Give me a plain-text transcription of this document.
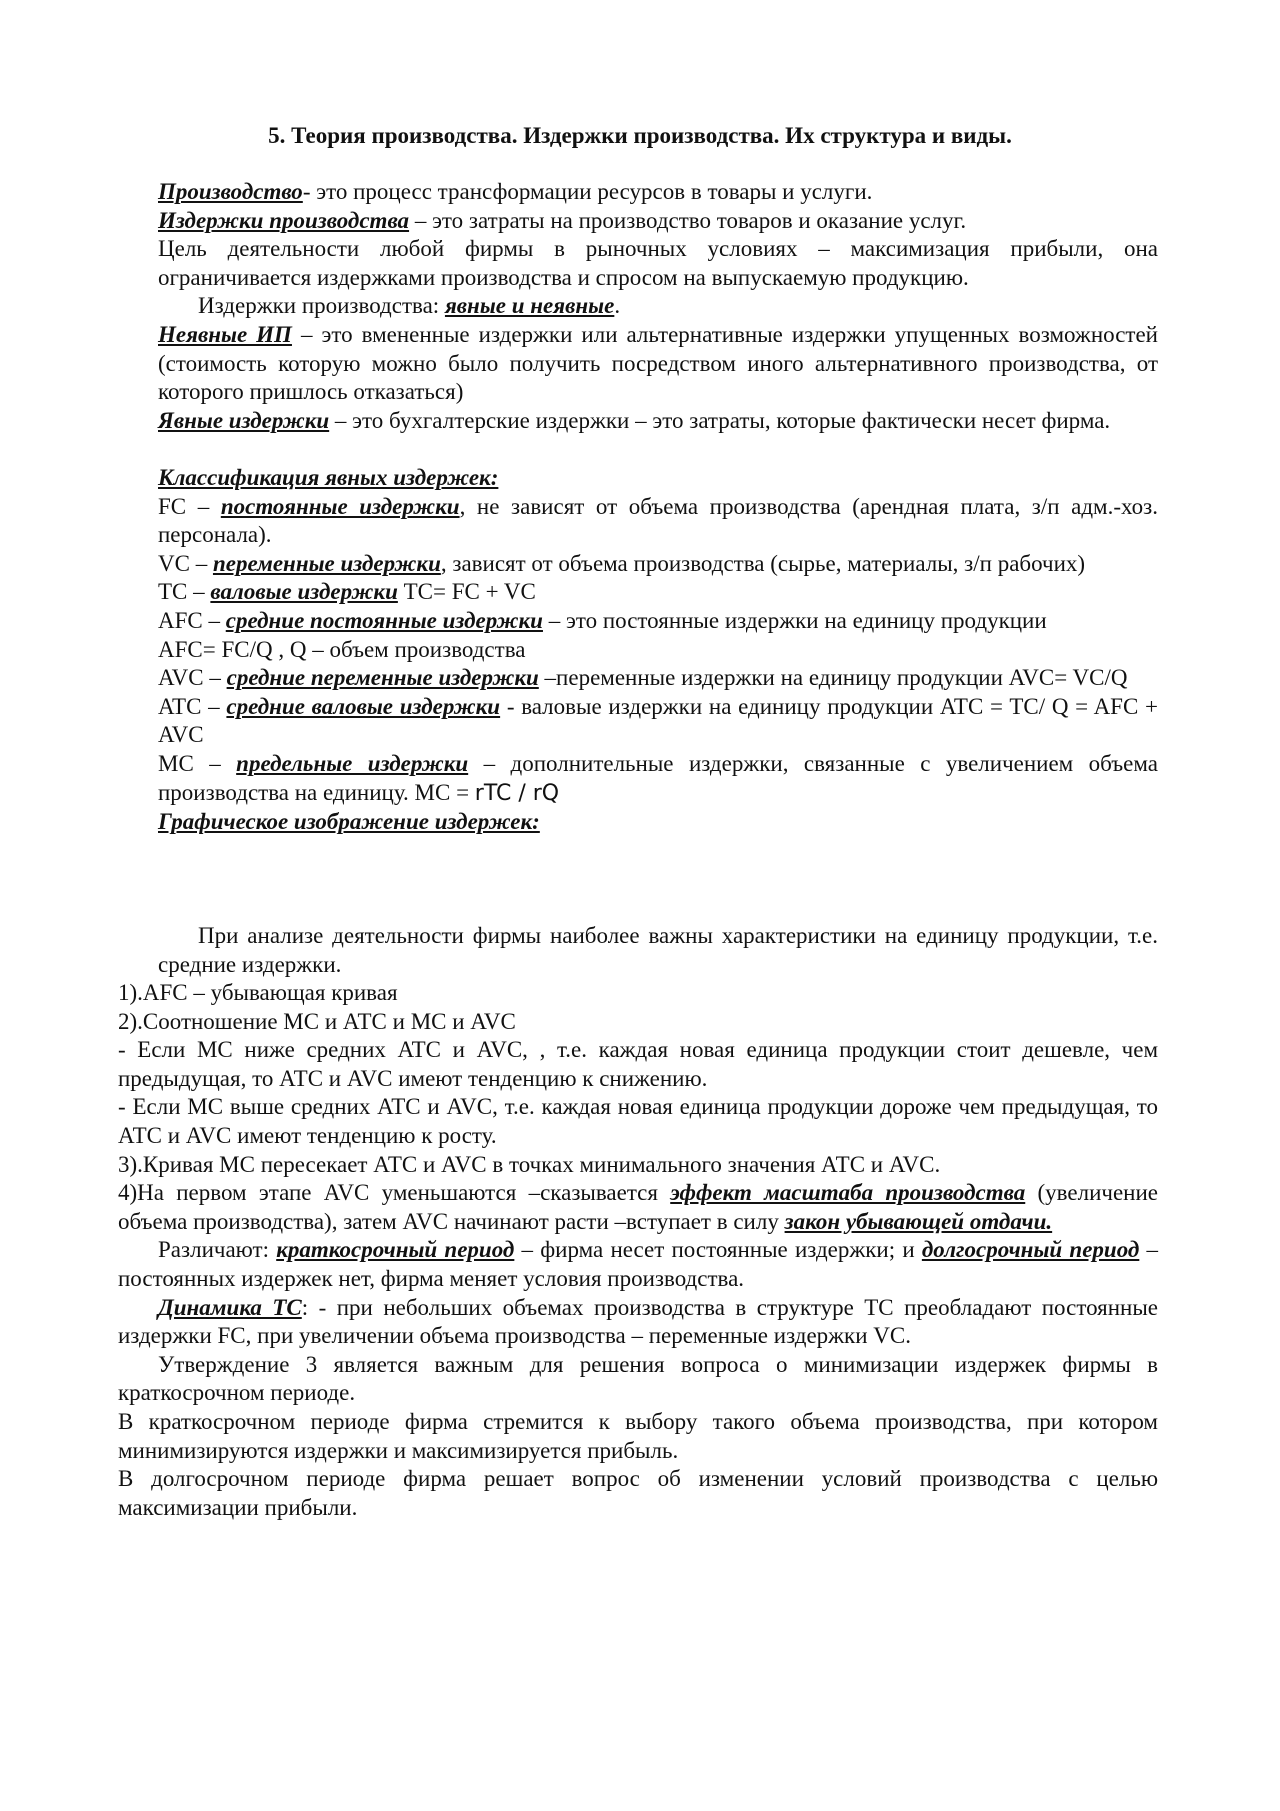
5. Теория производства. Издержки производства. Их структура и виды.

Производство- это процесс трансформации ресурсов в товары и услуги.

Издержки производства – это затраты на производство товаров и оказание услуг.

Цель деятельности любой фирмы в рыночных условиях – максимизация прибыли, она ограничивается издержками производства и спросом на выпускаемую продукцию.

Издержки производства: явные и неявные.

Неявные ИП – это вмененные издержки или альтернативные издержки упущенных возможностей (стоимость которую можно было получить посредством иного альтернативного производства, от которого пришлось отказаться)

Явные издержки – это бухгалтерские издержки – это затраты, которые фактически несет фирма.

Классификация явных издержек:

FC – постоянные издержки, не зависят от объема производства (арендная плата, з/п адм.-хоз. персонала).

VC – переменные издержки, зависят от объема производства (сырье, материалы, з/п рабочих)

TC – валовые издержки TC= FC + VC

AFC – средние постоянные издержки – это постоянные издержки на единицу продукции

AFC= FC/Q , Q – объем производства

AVC – средние переменные издержки –переменные издержки на единицу продукции AVC= VC/Q

ATC – средние валовые издержки - валовые издержки на единицу продукции ATC = TC/ Q = AFC + AVC

MC – предельные издержки – дополнительные издержки, связанные с увеличением объема производства на единицу. MC = rTC / rQ

Графическое изображение издержек:

При анализе деятельности фирмы наиболее важны характеристики на единицу продукции, т.е. средние издержки.

1).AFC – убывающая кривая

2).Соотношение МС и АТС и МС и AVC

- Если МС ниже средних ATC и AVC, , т.е. каждая новая единица продукции стоит дешевле, чем предыдущая, то АТС и AVC имеют тенденцию к снижению.

- Если МС выше средних ATC и AVC, т.е. каждая новая единица продукции дороже чем предыдущая, то АТС и AVC имеют тенденцию к росту.

3).Кривая МС пересекает АТС и AVC в точках минимального значения АТС и AVC.

4)На первом этапе AVC уменьшаются –сказывается эффект масштаба производства (увеличение объема производства), затем AVC начинают расти –вступает в силу закон убывающей отдачи.

Различают: краткосрочный период – фирма несет постоянные издержки; и долгосрочный период – постоянных издержек нет, фирма меняет условия производства.

Динамика ТС: - при небольших объемах производства в структуре ТС преобладают постоянные издержки FC, при увеличении объема производства – переменные издержки VC.

Утверждение 3 является важным для решения вопроса о минимизации издержек фирмы в краткосрочном периоде.

В краткосрочном периоде фирма стремится к выбору такого объема производства, при котором минимизируются издержки и максимизируется прибыль.

В долгосрочном периоде фирма решает вопрос об изменении условий производства с целью максимизации прибыли.
